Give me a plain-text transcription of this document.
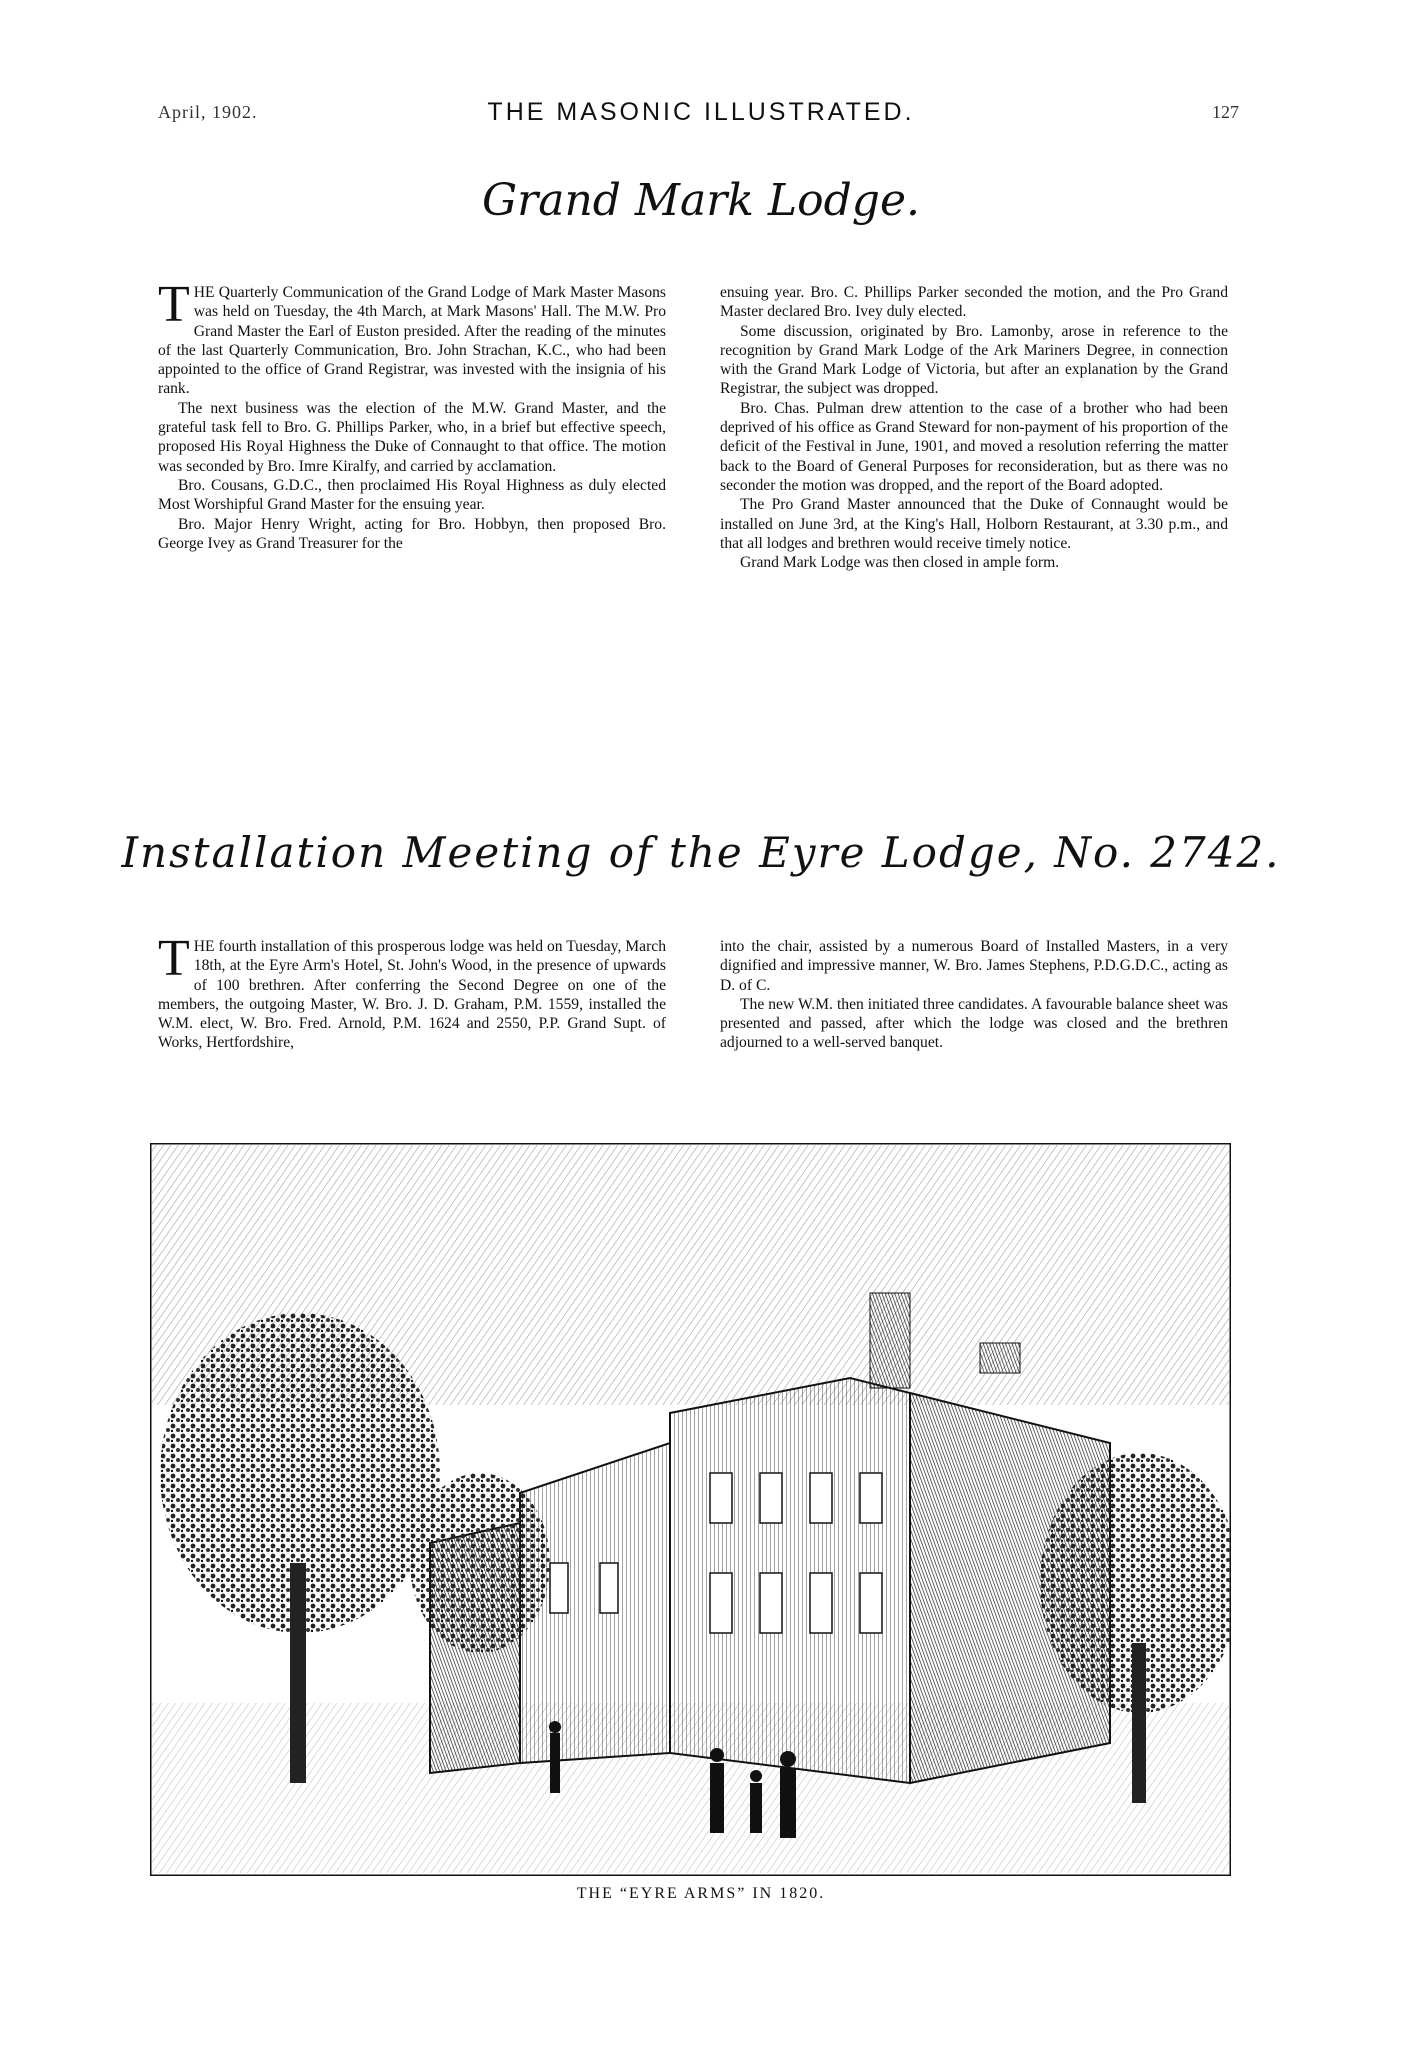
April, 1902.	THE MASONIC ILLUSTRATED.	127
Grand Mark Lodge.

THE Quarterly Communication of the Grand Lodge of Mark Master Masons was held on Tuesday, the 4th March, at Mark Masons' Hall. The M.W. Pro Grand Master the Earl of Euston presided. After the reading of the minutes of the last Quarterly Communication, Bro. John Strachan, K.C., who had been appointed to the office of Grand Registrar, was invested with the insignia of his rank.

The next business was the election of the M.W. Grand Master, and the grateful task fell to Bro. G. Phillips Parker, who, in a brief but effective speech, proposed His Royal Highness the Duke of Connaught to that office. The motion was seconded by Bro. Imre Kiralfy, and carried by acclamation.

Bro. Cousans, G.D.C., then proclaimed His Royal Highness as duly elected Most Worshipful Grand Master for the ensuing year.

Bro. Major Henry Wright, acting for Bro. Hobbyn, then proposed Bro. George Ivey as Grand Treasurer for the

ensuing year. Bro. C. Phillips Parker seconded the motion, and the Pro Grand Master declared Bro. Ivey duly elected.

Some discussion, originated by Bro. Lamonby, arose in reference to the recognition by Grand Mark Lodge of the Ark Mariners Degree, in connection with the Grand Mark Lodge of Victoria, but after an explanation by the Grand Registrar, the subject was dropped.

Bro. Chas. Pulman drew attention to the case of a brother who had been deprived of his office as Grand Steward for non-payment of his proportion of the deficit of the Festival in June, 1901, and moved a resolution referring the matter back to the Board of General Purposes for reconsideration, but as there was no seconder the motion was dropped, and the report of the Board adopted.

The Pro Grand Master announced that the Duke of Connaught would be installed on June 3rd, at the King's Hall, Holborn Restaurant, at 3.30 p.m., and that all lodges and brethren would receive timely notice.

Grand Mark Lodge was then closed in ample form.

Installation Meeting of the Eyre Lodge, No. 2742.

THE fourth installation of this prosperous lodge was held on Tuesday, March 18th, at the Eyre Arm's Hotel, St. John's Wood, in the presence of upwards of 100 brethren. After conferring the Second Degree on one of the members, the outgoing Master, W. Bro. J. D. Graham, P.M. 1559, installed the W.M. elect, W. Bro. Fred. Arnold, P.M. 1624 and 2550, P.P. Grand Supt. of Works, Hertfordshire,

into the chair, assisted by a numerous Board of Installed Masters, in a very dignified and impressive manner, W. Bro. James Stephens, P.D.G.D.C., acting as D. of C.

The new W.M. then initiated three candidates. A favourable balance sheet was presented and passed, after which the lodge was closed and the brethren adjourned to a well-served banquet.

THE “EYRE ARMS” IN 1820.
